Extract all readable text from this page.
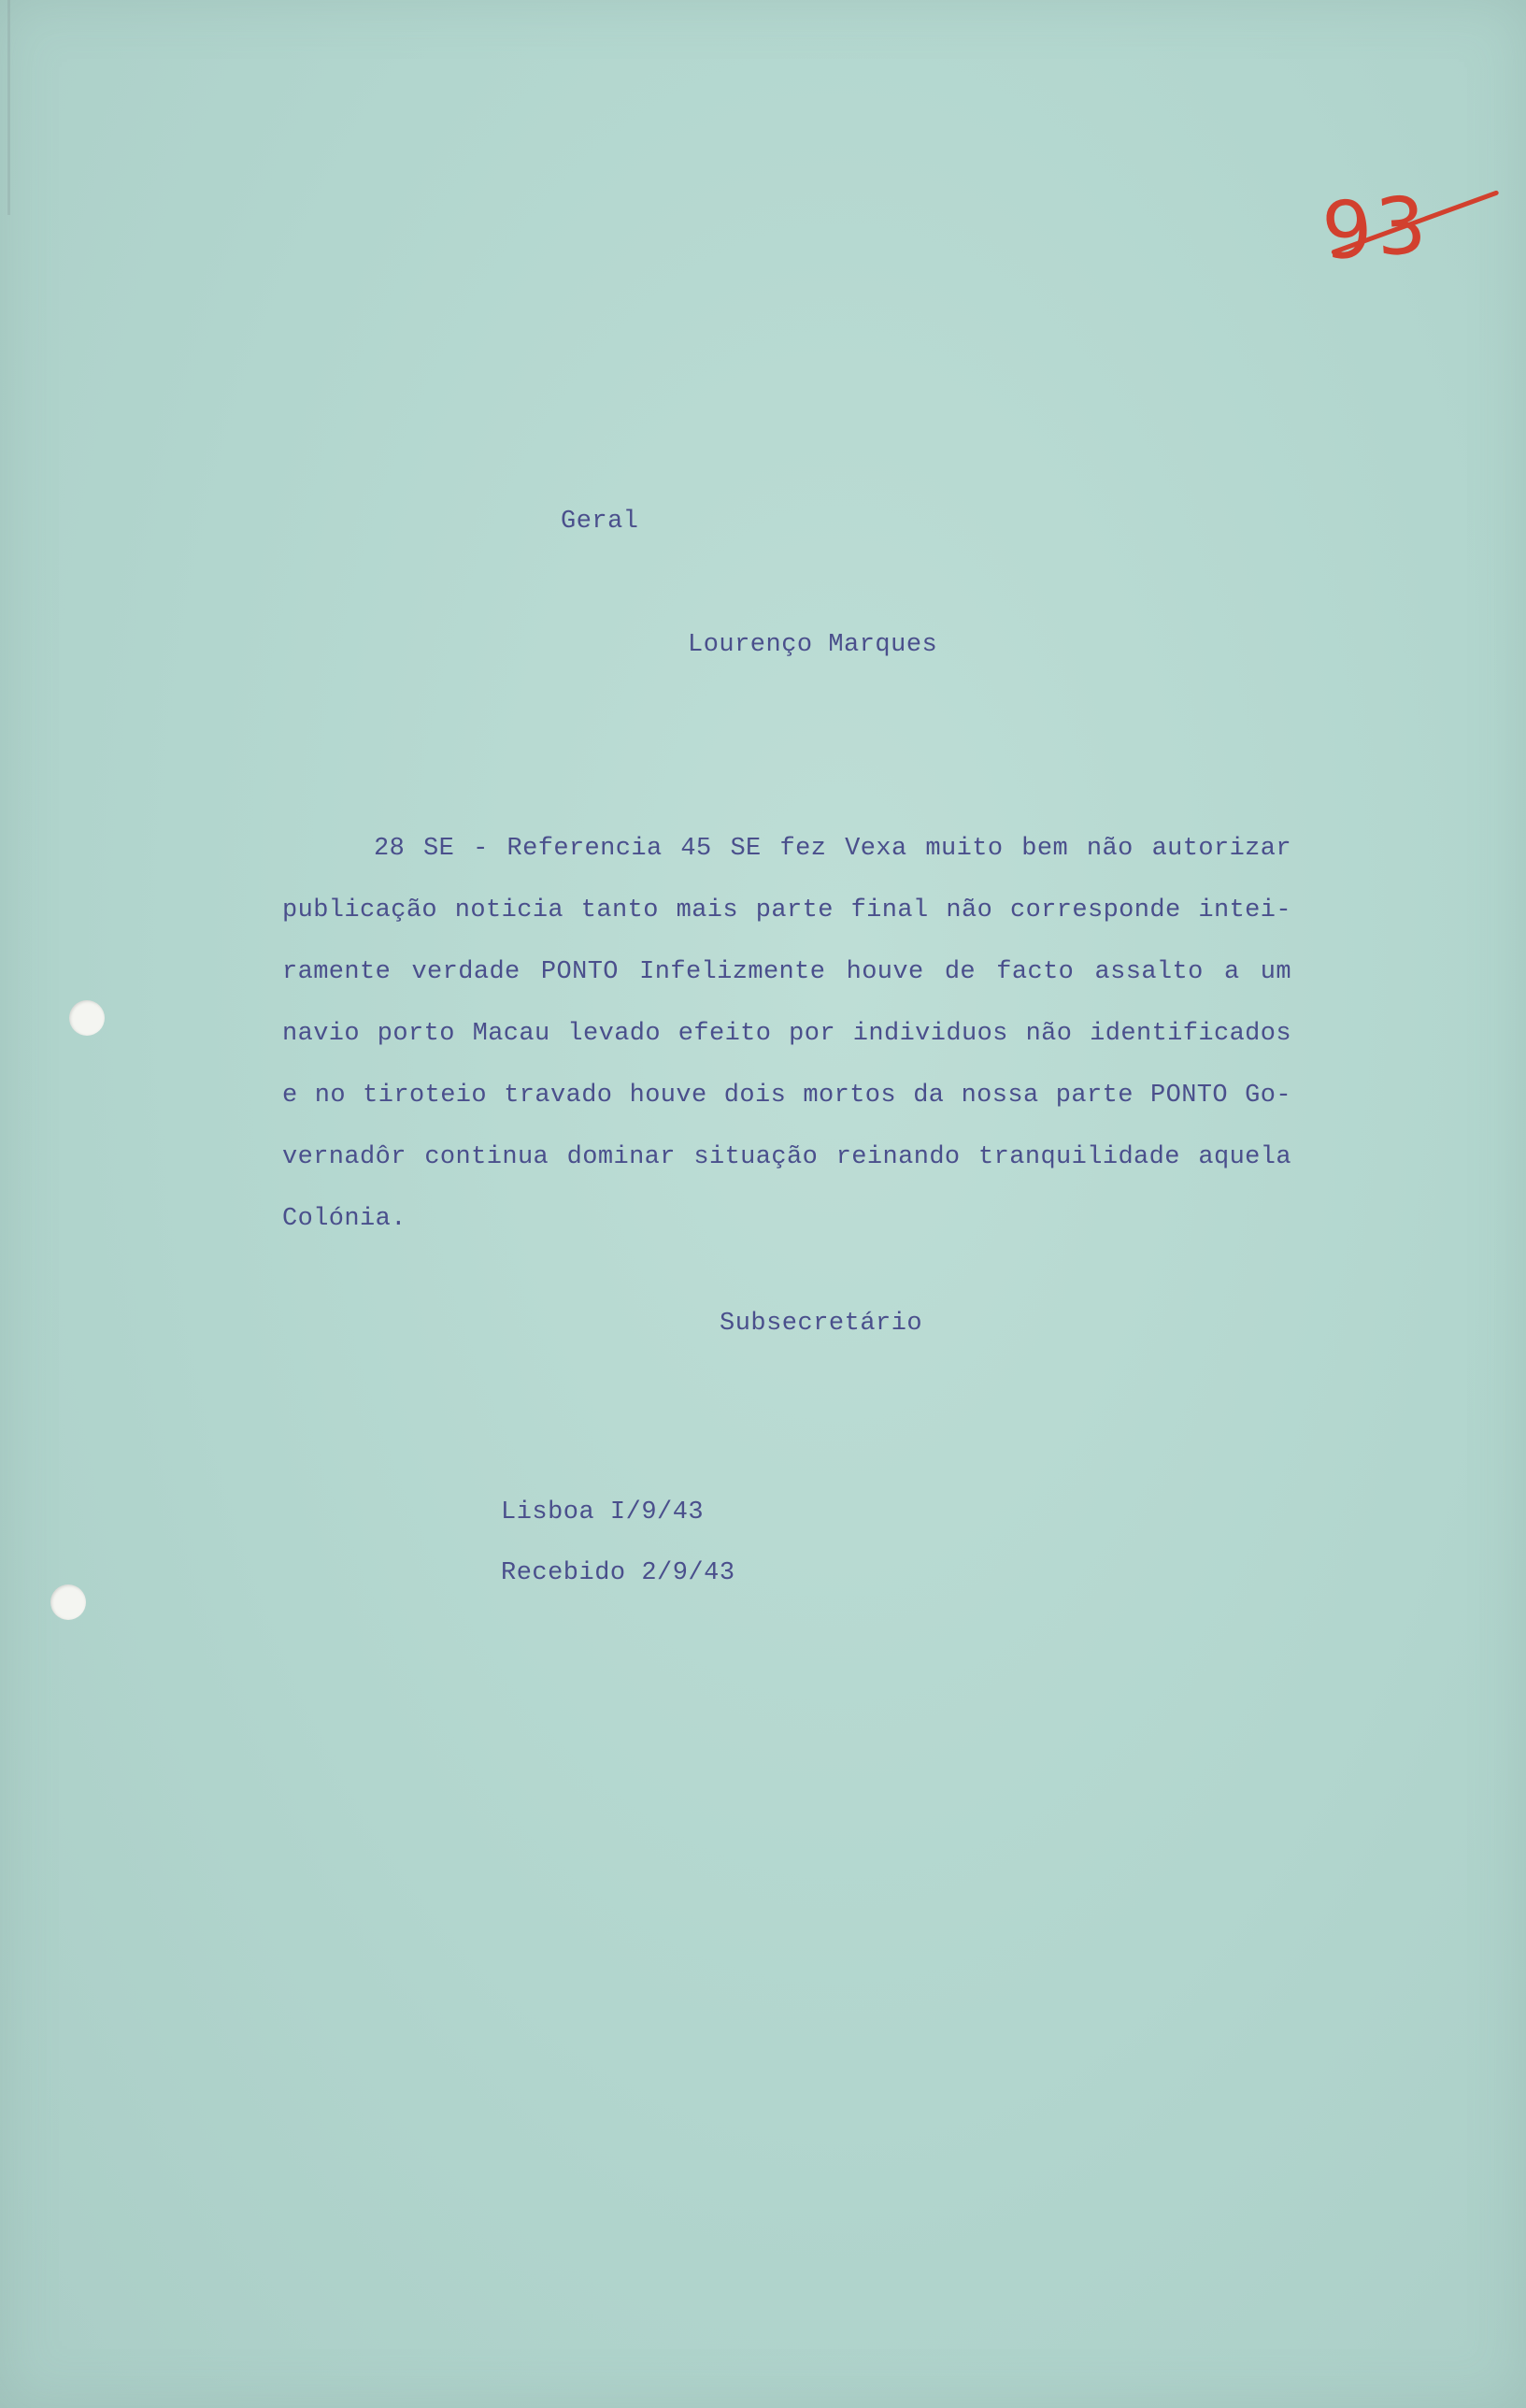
93
Geral
Lourenço Marques
28 SE - Referencia 45 SE fez Vexa muito bem não autorizar
publicação noticia tanto mais parte final não corresponde intei-
ramente verdade PONTO Infelizmente houve de facto assalto a um
navio porto Macau levado efeito por individuos não identificados
e no tiroteio travado houve dois mortos da nossa parte PONTO Go-
vernadôr continua dominar situação reinando tranquilidade aquela
Colónia.
Subsecretário
Lisboa I/9/43
Recebido 2/9/43
